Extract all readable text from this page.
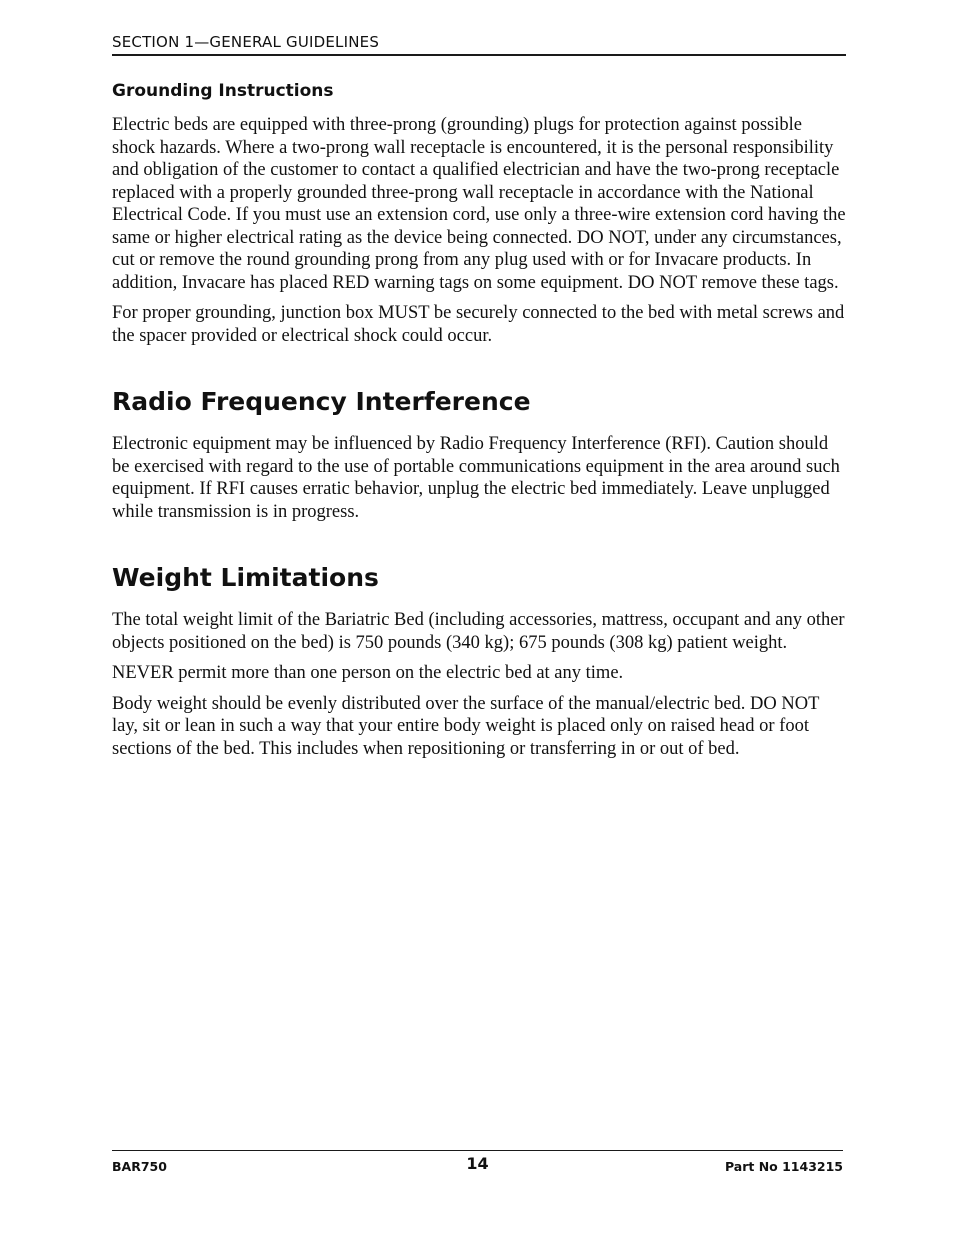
SECTION 1—GENERAL GUIDELINES
Grounding Instructions

Electric beds are equipped with three-prong (grounding) plugs for protection against possible shock hazards. Where a two-prong wall receptacle is encountered, it is the personal responsibility and obligation of the customer to contact a qualified electrician and have the two-prong receptacle replaced with a properly grounded three-prong wall receptacle in accordance with the National Electrical Code. If you must use an extension cord, use only a three-wire extension cord having the same or higher electrical rating as the device being connected. DO NOT, under any circumstances, cut or remove the round grounding prong from any plug used with or for Invacare products. In addition, Invacare has placed RED warning tags on some equipment. DO NOT remove these tags.

For proper grounding, junction box MUST be securely connected to the bed with metal screws and the spacer provided or electrical shock could occur.

Radio Frequency Interference

Electronic equipment may be influenced by Radio Frequency Interference (RFI). Caution should be exercised with regard to the use of portable communications equipment in the area around such equipment. If RFI causes erratic behavior, unplug the electric bed immediately. Leave unplugged while transmission is in progress.

Weight Limitations

The total weight limit of the Bariatric Bed (including accessories, mattress, occupant and any other objects positioned on the bed) is 750 pounds (340 kg); 675 pounds (308 kg) patient weight.

NEVER permit more than one person on the electric bed at any time.

Body weight should be evenly distributed over the surface of the manual/electric bed. DO NOT lay, sit or lean in such a way that your entire body weight is placed only on raised head or foot sections of the bed. This includes when repositioning or transferring in or out of bed.

BAR750	14	Part No 1143215
